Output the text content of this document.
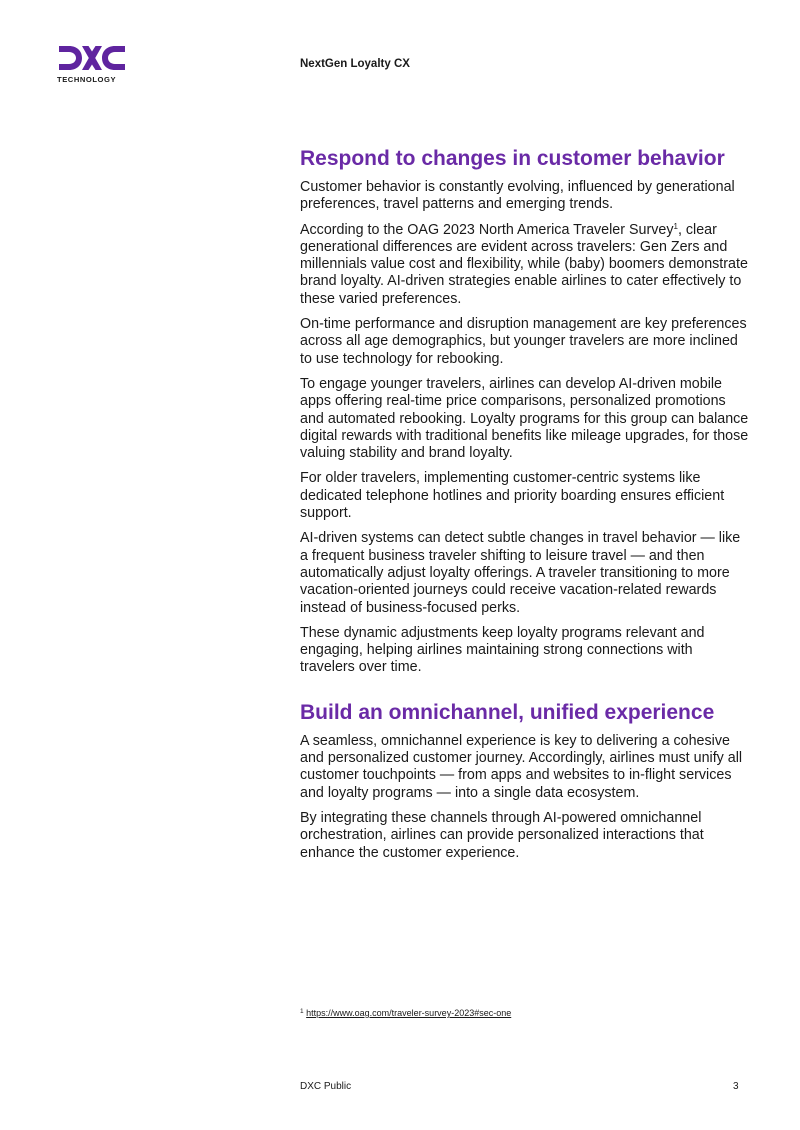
TECHNOLOGY
NextGen Loyalty CX
Respond to changes in customer behavior

Customer behavior is constantly evolving, influenced by generational preferences, travel patterns and emerging trends.

According to the OAG 2023 North America Traveler Survey$^1$, clear generational differences are evident across travelers: Gen Zers and millennials value cost and flexibility, while (baby) boomers demonstrate brand loyalty. AI-driven strategies enable airlines to cater effectively to these varied preferences.

On-time performance and disruption management are key preferences across all age demographics, but younger travelers are more inclined to use technology for rebooking.

To engage younger travelers, airlines can develop AI-driven mobile apps offering real-time price comparisons, personalized promotions and automated rebooking. Loyalty programs for this group can balance digital rewards with traditional benefits like mileage upgrades, for those valuing stability and brand loyalty.

For older travelers, implementing customer-centric systems like dedicated telephone hotlines and priority boarding ensures efficient support.

AI-driven systems can detect subtle changes in travel behavior — like a frequent business traveler shifting to leisure travel — and then automatically adjust loyalty offerings. A traveler transitioning to more vacation-oriented journeys could receive vacation-related rewards instead of business-focused perks.

These dynamic adjustments keep loyalty programs relevant and engaging, helping airlines maintaining strong connections with travelers over time.

Build an omnichannel, unified experience

A seamless, omnichannel experience is key to delivering a cohesive and personalized customer journey. Accordingly, airlines must unify all customer touchpoints — from apps and websites to in-flight services and loyalty programs — into a single data ecosystem.

By integrating these channels through AI-powered omnichannel orchestration, airlines can provide personalized interactions that enhance the customer experience.

$^1$ https://www.oag.com/traveler-survey-2023#sec-one
DXC Public	3
